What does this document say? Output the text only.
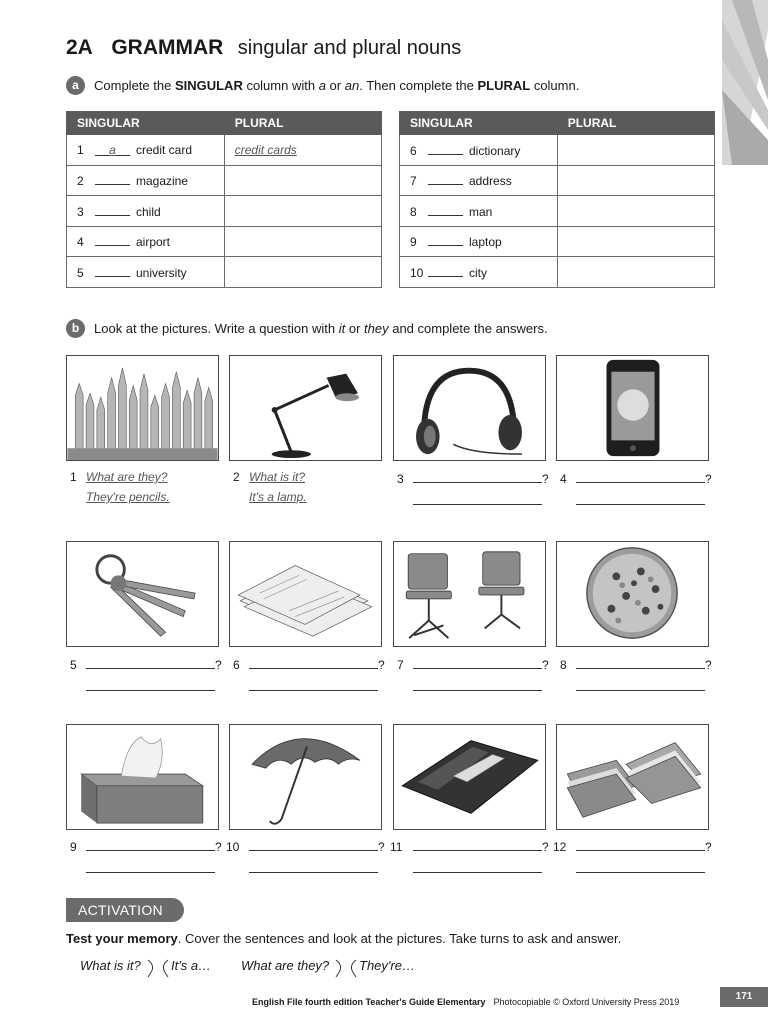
2A GRAMMAR singular and plural nouns
a Complete the SINGULAR column with a or an. Then complete the PLURAL column.
SINGULAR	PLURAL
1 a credit card	credit cards
2 magazine	
3 child	
4 airport	
5 university	
SINGULAR	PLURAL
6 dictionary	
7 address	
8 man	
9 laptop	
10 city	
b Look at the pictures. Write a question with it or they and complete the answers.
1 What are they?
They're pencils.
2 What is it?
It's a lamp.
3	? 4	?
5	? 6	? 7	? 8	?
9	? 10	? 11	? 12	?
ACTIVATION
Test your memory. Cover the sentences and look at the pictures. Take turns to ask and answer.
What is it? It's a… What are they? They're…
English File fourth edition Teacher's Guide Elementary Photocopiable © Oxford University Press 2019	171
